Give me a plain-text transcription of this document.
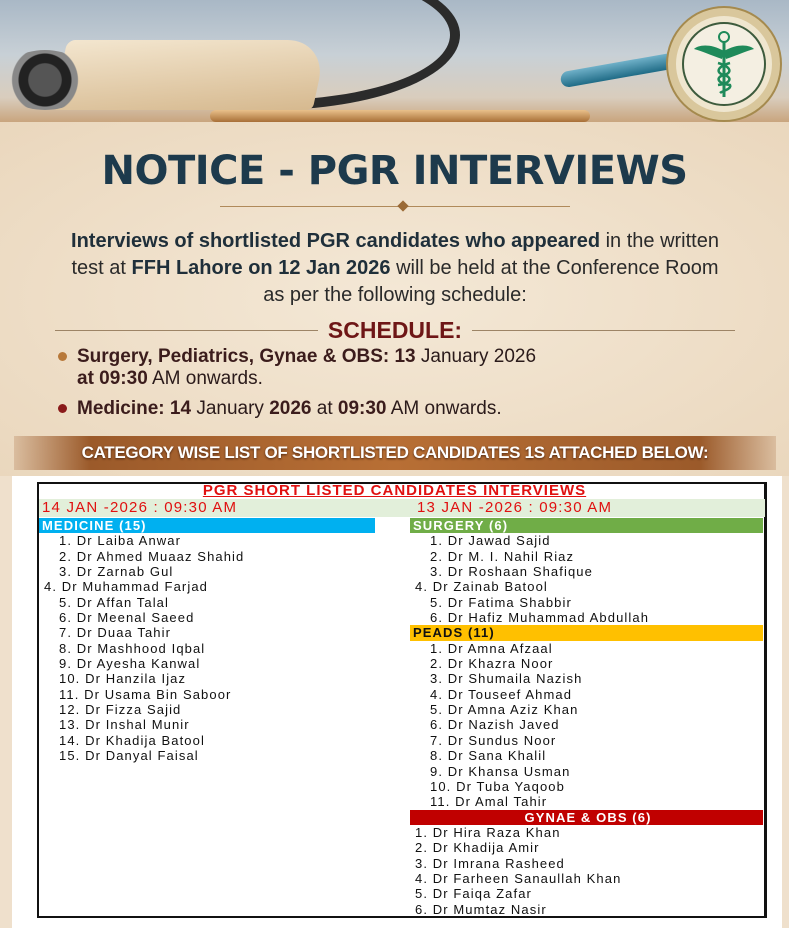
NOTICE - PGR INTERVIEWS
Interviews of shortlisted PGR candidates who appeared in the written
test at FFH Lahore on 12 Jan 2026 will be held at the Conference Room
as per the following schedule:
SCHEDULE:
Surgery, Pediatrics, Gynae & OBS: 13 January 2026
at 09:30 AM onwards.
Medicine: 14 January 2026 at 09:30 AM onwards.
CATEGORY WISE LIST OF SHORTLISTED CANDIDATES 1S ATTACHED BELOW:
PGR SHORT LISTED CANDIDATES INTERVIEWS
14 JAN -2026 : 09:30 AM	13 JAN -2026 : 09:30 AM
MEDICINE (15)
1. Dr Laiba Anwar
2. Dr Ahmed Muaaz Shahid
3. Dr Zarnab Gul
4. Dr Muhammad Farjad
5. Dr Affan Talal
6. Dr Meenal Saeed
7. Dr Duaa Tahir
8. Dr Mashhood Iqbal
9. Dr Ayesha Kanwal
10. Dr Hanzila Ijaz
11. Dr Usama Bin Saboor
12. Dr Fizza Sajid
13. Dr Inshal Munir
14. Dr Khadija Batool
15. Dr Danyal Faisal
SURGERY (6)
1. Dr Jawad Sajid
2. Dr M. I. Nahil Riaz
3. Dr Roshaan Shafique
4. Dr Zainab Batool
5. Dr Fatima Shabbir
6. Dr Hafiz Muhammad Abdullah
PEADS (11)
1. Dr Amna Afzaal
2. Dr Khazra Noor
3. Dr Shumaila Nazish
4. Dr Touseef Ahmad
5. Dr Amna Aziz Khan
6. Dr Nazish Javed
7. Dr Sundus Noor
8. Dr Sana Khalil
9. Dr Khansa Usman
10. Dr Tuba Yaqoob
11. Dr Amal Tahir
GYNAE & OBS (6)
1. Dr Hira Raza Khan
2. Dr Khadija Amir
3. Dr Imrana Rasheed
4. Dr Farheen Sanaullah Khan
5. Dr Faiqa Zafar
6. Dr Mumtaz Nasir
